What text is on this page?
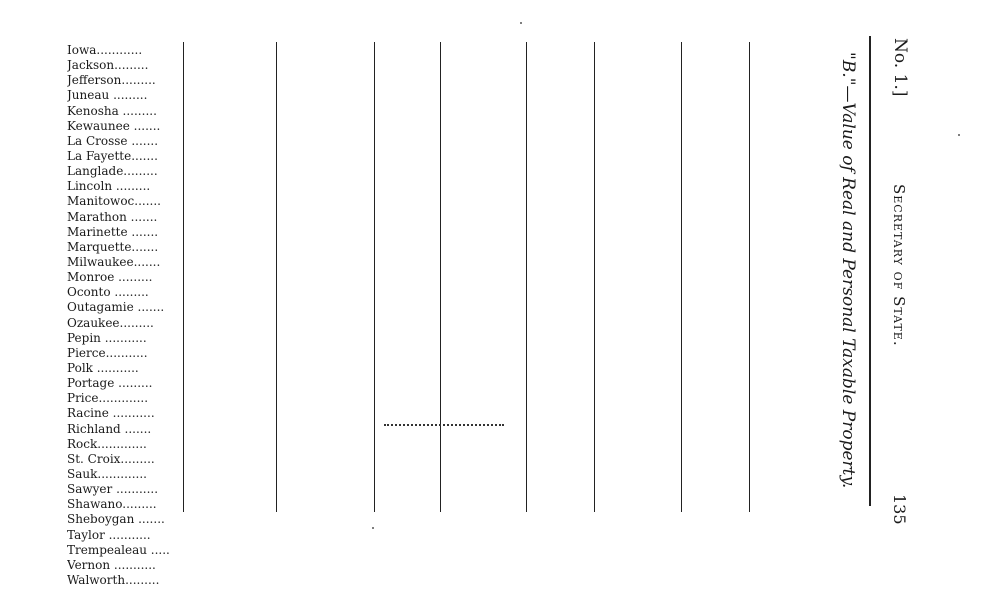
Iowa............
Jackson.........
Jefferson.........
Juneau .........
Kenosha .........
Kewaunee .......
La Crosse .......
La Fayette.......
Langlade.........
Lincoln .........
Manitowoc.......
Marathon .......
Marinette .......
Marquette.......
Milwaukee.......
Monroe .........
Oconto .........
Outagamie .......
Ozaukee.........
Pepin ...........
Pierce...........
Polk ...........
Portage .........
Price.............
Racine ...........
Richland .......
Rock.............
St. Croix.........
Sauk.............
Sawyer ...........
Shawano.........
Sheboygan .......
Taylor ...........
Trempealeau .....
Vernon ...........
Walworth.........
No. 1.]
Secretary of State.
135
"B."—Value of Real and Personal Taxable Property.
